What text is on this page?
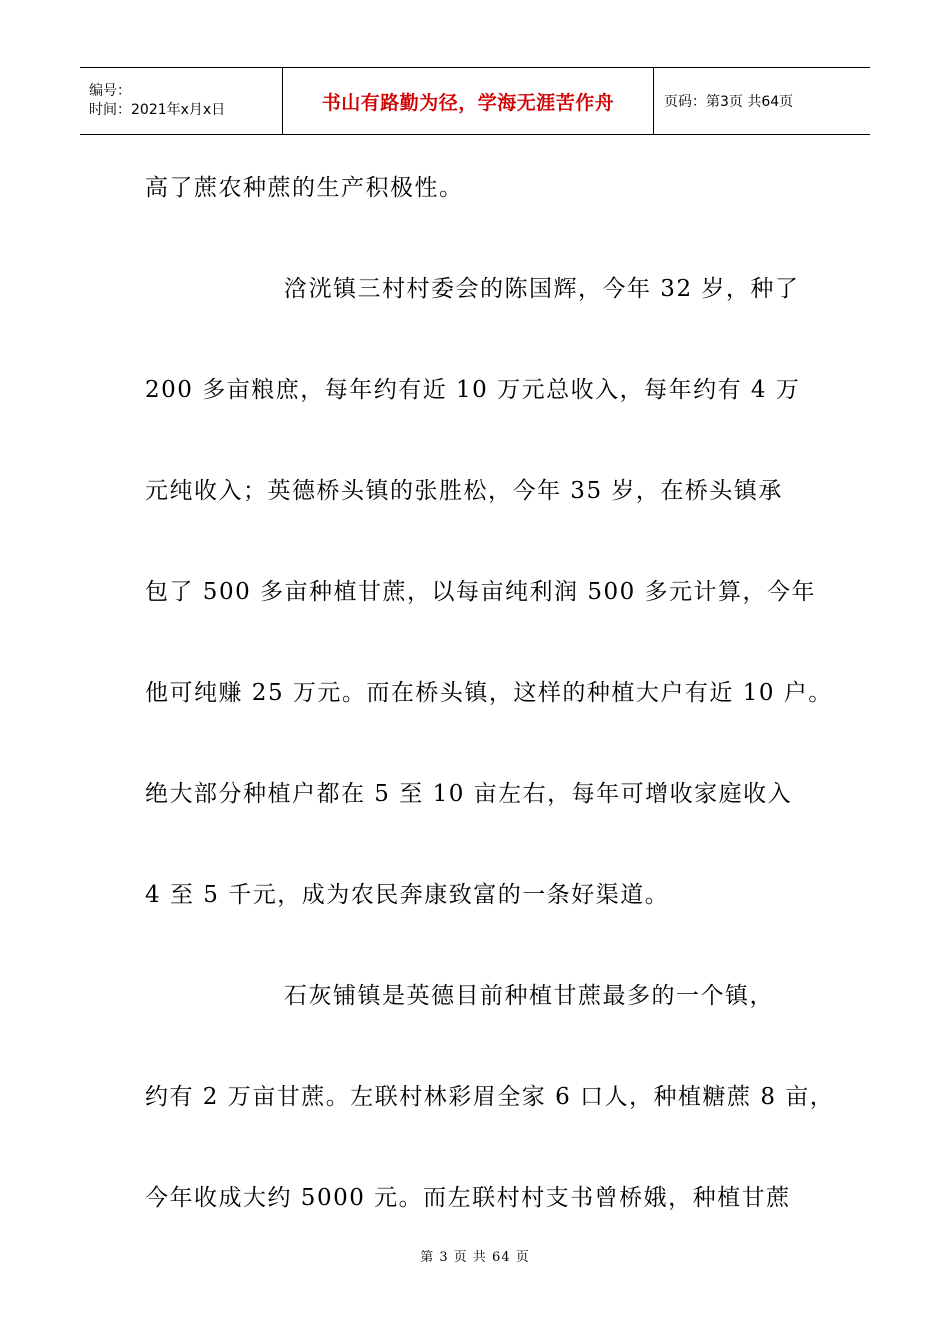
编号：
时间：2021年x月x日	书山有路勤为径，学海无涯苦作舟	页码：第3页 共64页
高了蔗农种蔗的生产积极性。
浛洸镇三村村委会的陈国辉，今年 32 岁，种了
200 多亩粮庶，每年约有近 10 万元总收入，每年约有 4 万
元纯收入；英德桥头镇的张胜松，今年 35 岁，在桥头镇承
包了 500 多亩种植甘蔗，以每亩纯利润 500 多元计算，今年
他可纯赚 25 万元。而在桥头镇，这样的种植大户有近 10 户。
绝大部分种植户都在 5 至 10 亩左右，每年可增收家庭收入
4 至 5 千元，成为农民奔康致富的一条好渠道。
石灰铺镇是英德目前种植甘蔗最多的一个镇，
约有 2 万亩甘蔗。左联村林彩眉全家 6 口人，种植糖蔗 8 亩，
今年收成大约 5000 元。而左联村村支书曾桥娥，种植甘蔗
第 3 页 共 64 页
